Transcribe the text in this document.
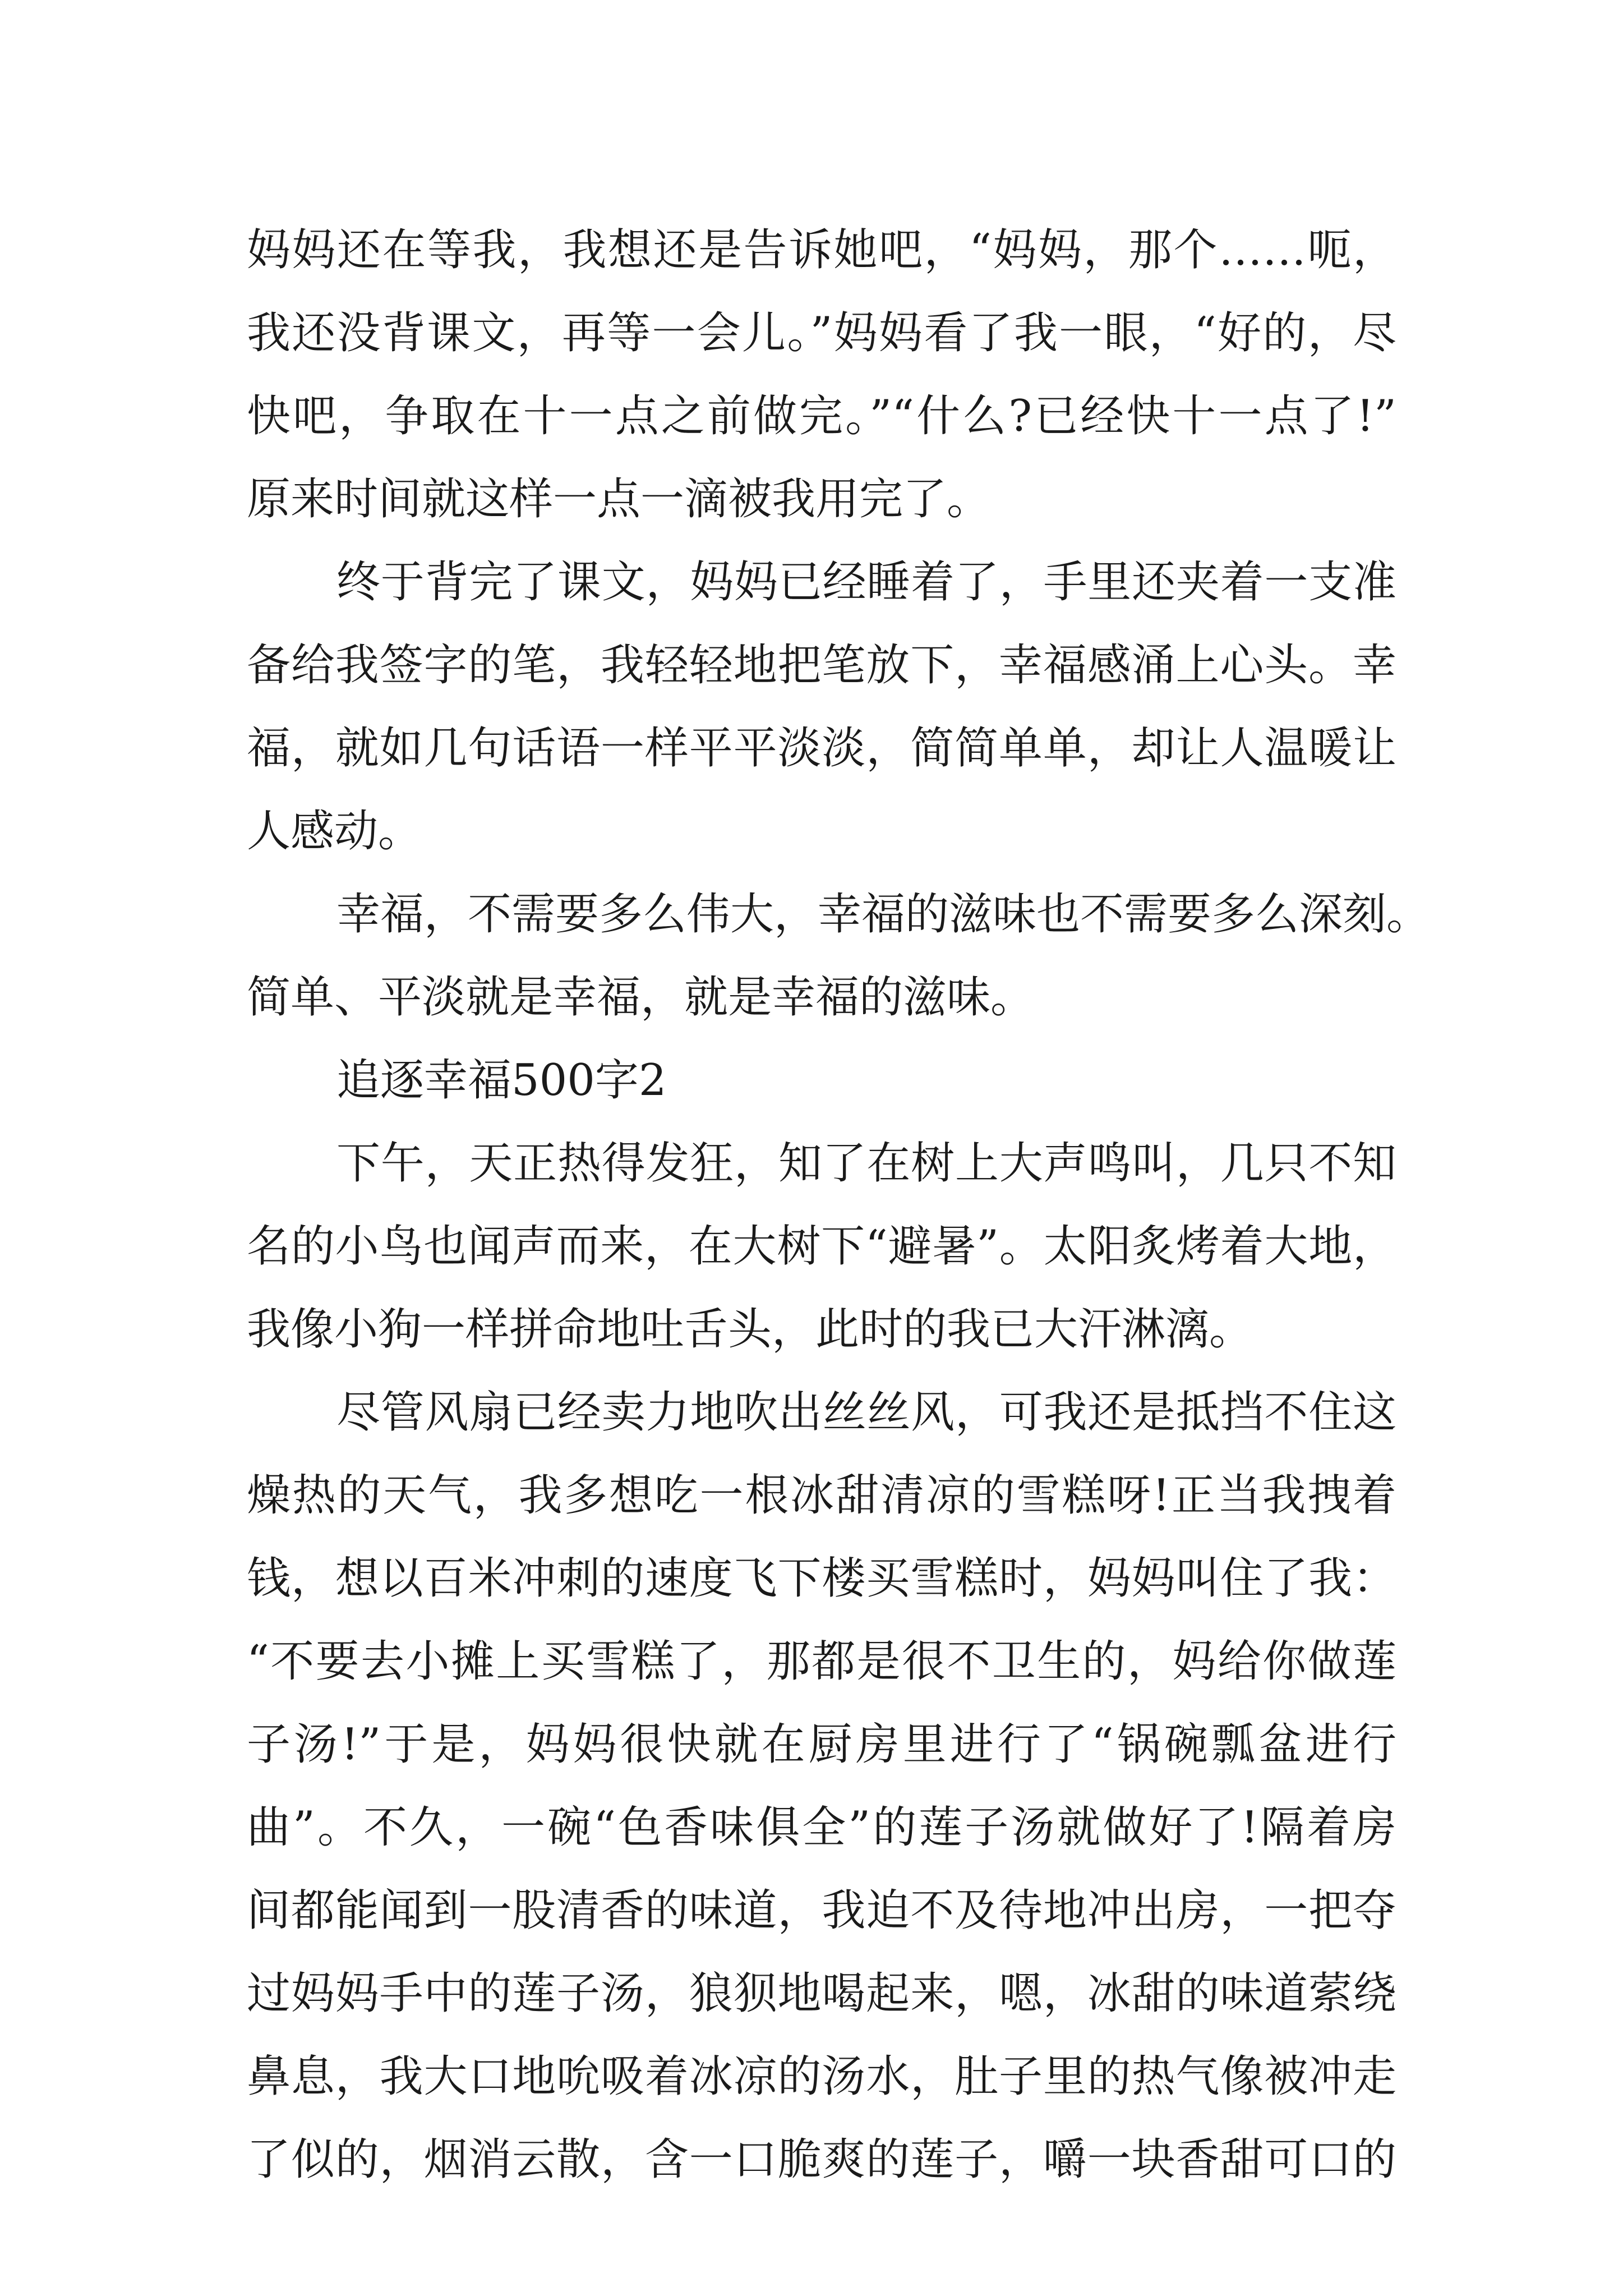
妈妈还在等我，我想还是告诉她吧，“妈妈，那个……呃，
我还没背课文，再等一会儿。”妈妈看了我一眼，“好的，尽
快吧，争取在十一点之前做完。”“什么?已经快十一点了!”
原来时间就这样一点一滴被我用完了。
终于背完了课文，妈妈已经睡着了，手里还夹着一支准
备给我签字的笔，我轻轻地把笔放下，幸福感涌上心头。幸
福，就如几句话语一样平平淡淡，简简单单，却让人温暖让
人感动。
幸福，不需要多么伟大，幸福的滋味也不需要多么深刻。
简单、平淡就是幸福，就是幸福的滋味。
追逐幸福500字2
下午，天正热得发狂，知了在树上大声鸣叫，几只不知
名的小鸟也闻声而来，在大树下“避暑”。太阳炙烤着大地，
我像小狗一样拼命地吐舌头，此时的我已大汗淋漓。
尽管风扇已经卖力地吹出丝丝风，可我还是抵挡不住这
燥热的天气，我多想吃一根冰甜清凉的雪糕呀!正当我拽着
钱，想以百米冲刺的速度飞下楼买雪糕时，妈妈叫住了我：
“不要去小摊上买雪糕了，那都是很不卫生的，妈给你做莲
子汤!”于是，妈妈很快就在厨房里进行了“锅碗瓢盆进行
曲”。不久，一碗“色香味俱全”的莲子汤就做好了!隔着房
间都能闻到一股清香的味道，我迫不及待地冲出房，一把夺
过妈妈手中的莲子汤，狼狈地喝起来，嗯，冰甜的味道萦绕
鼻息，我大口地吮吸着冰凉的汤水，肚子里的热气像被冲走
了似的，烟消云散，含一口脆爽的莲子，嚼一块香甜可口的
